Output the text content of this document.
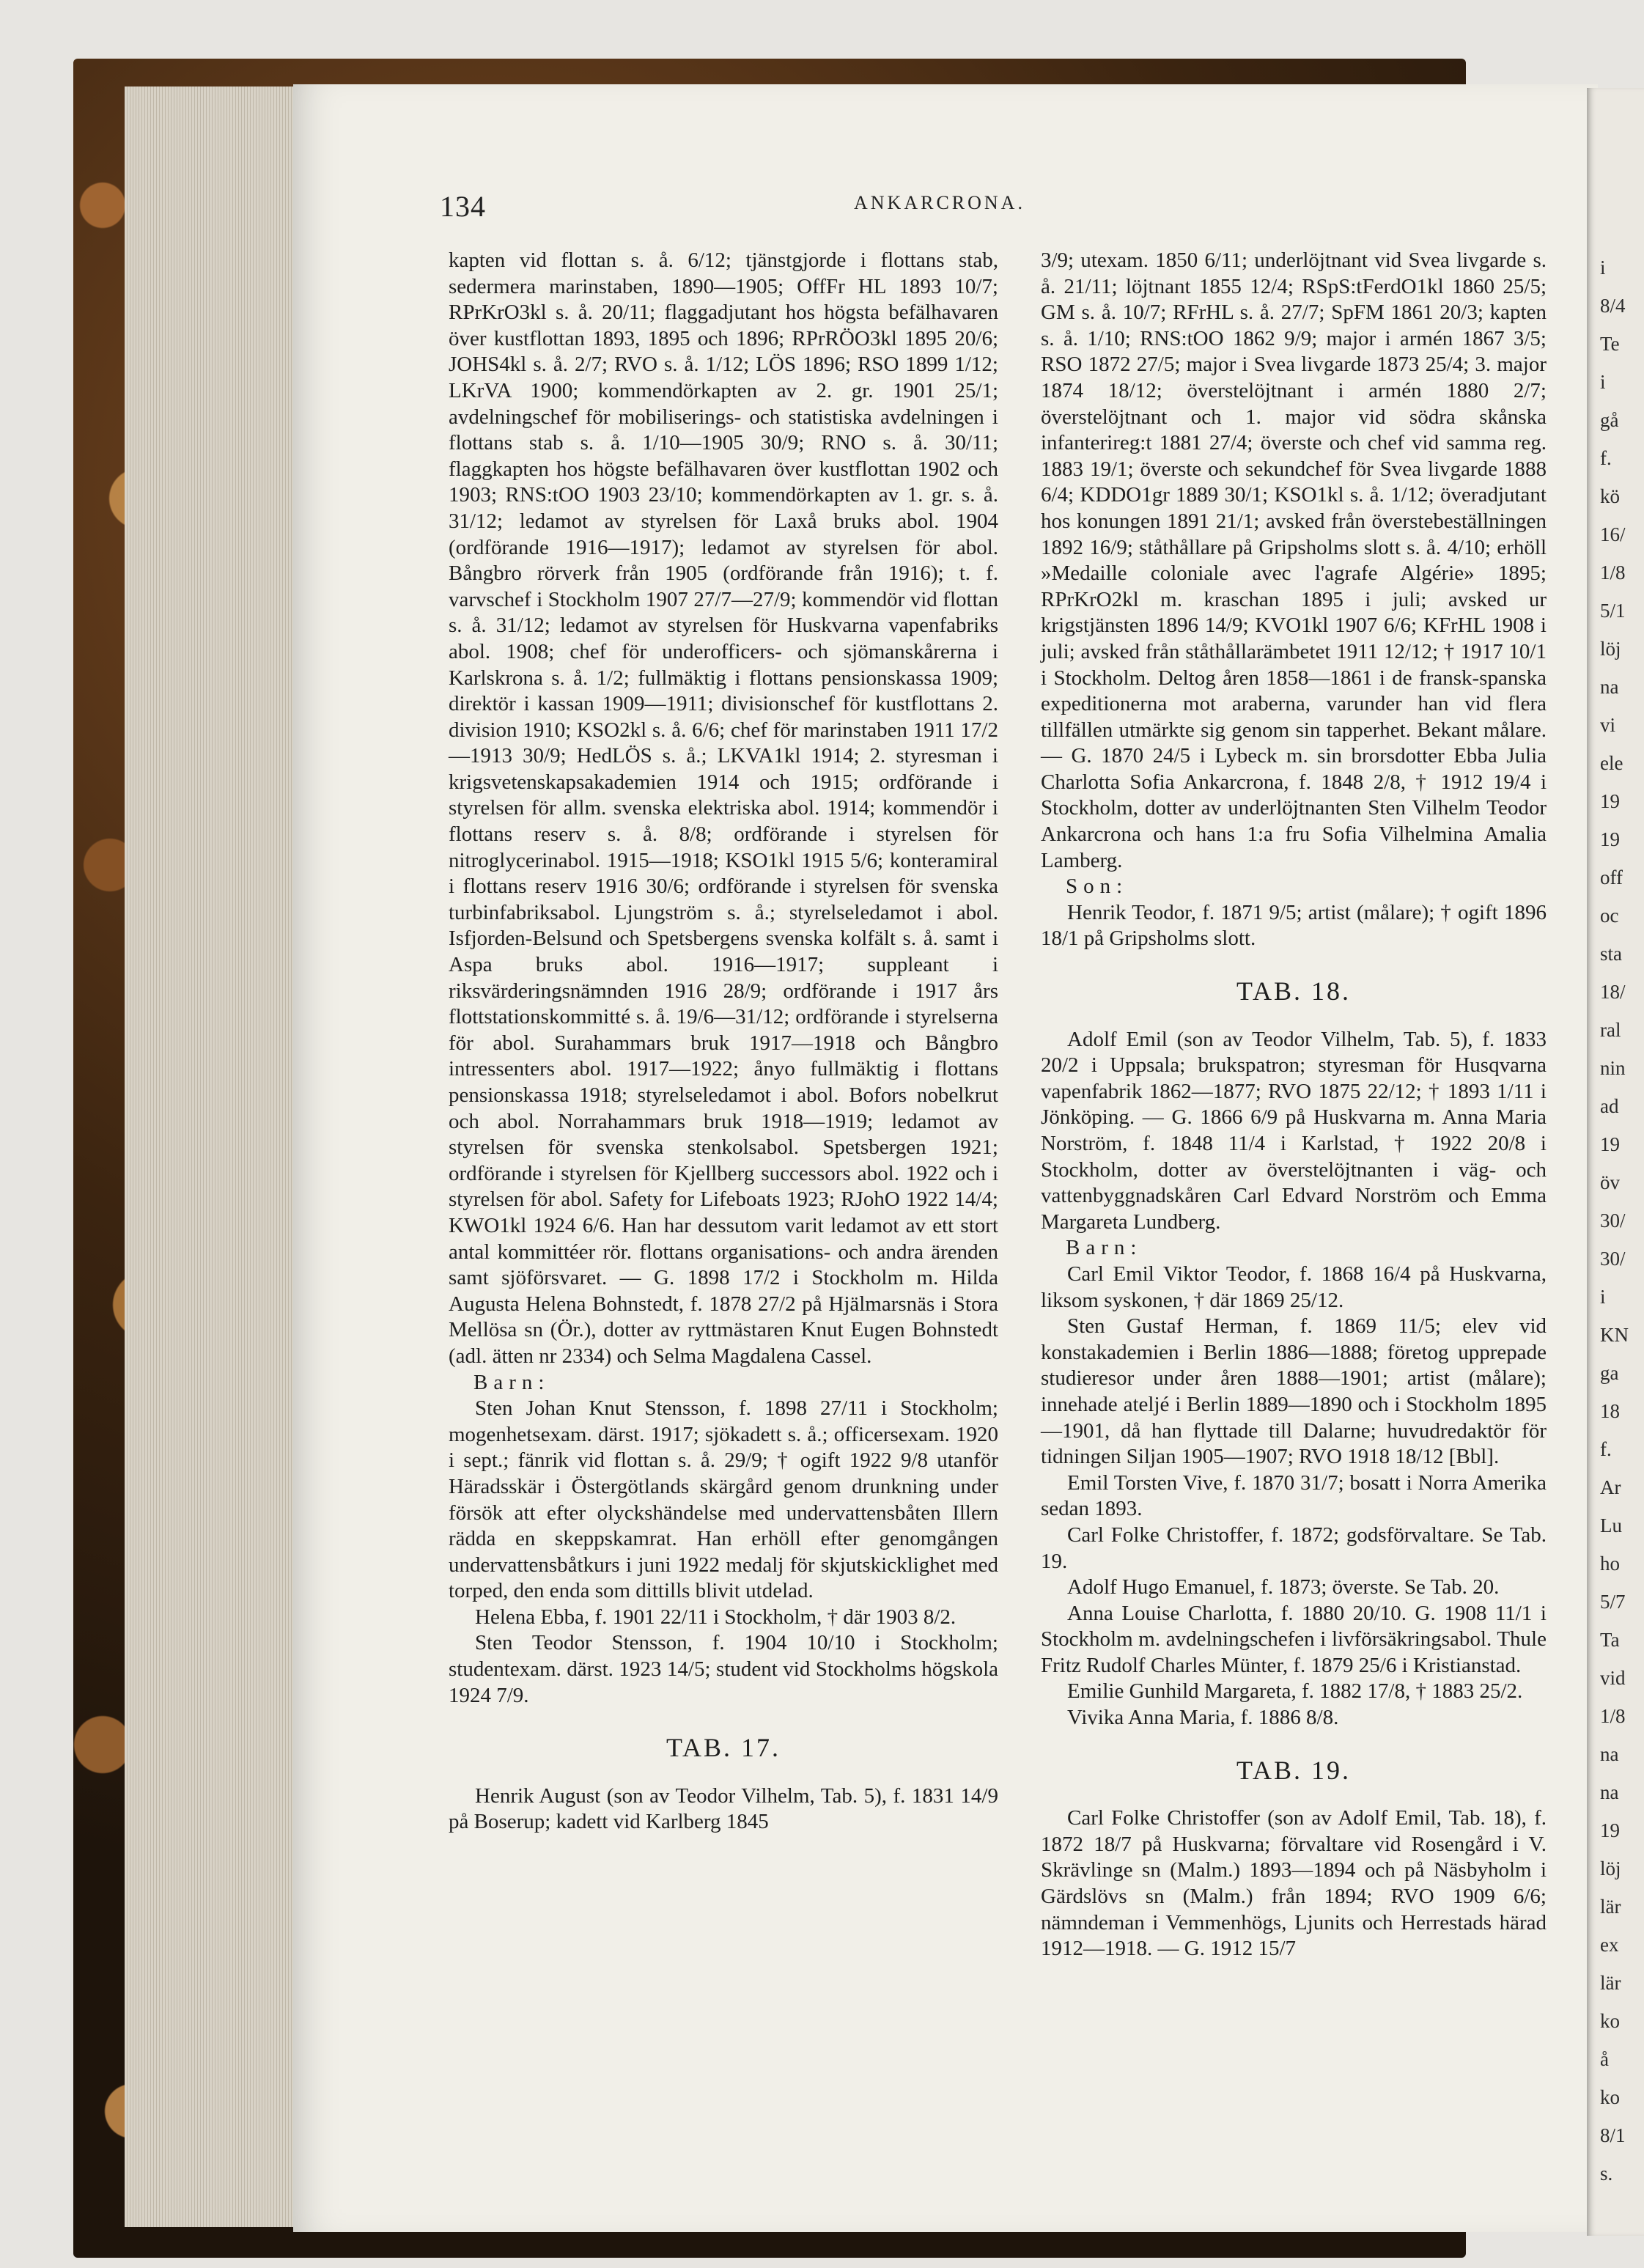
134	ANKARCRONA.

kapten vid flottan s. å. 6/12; tjänstgjorde i flottans stab, sedermera marinstaben, 1890—1905; OffFr HL 1893 10/7; RPrKrO3kl s. å. 20/11; flaggadjutant hos högsta befälhavaren över kustflottan 1893, 1895 och 1896; RPrRÖO3kl 1895 20/6; JOHS4kl s. å. 2/7; RVO s. å. 1/12; LÖS 1896; RSO 1899 1/12; LKrVA 1900; kommendörkapten av 2. gr. 1901 25/1; avdelningschef för mobiliserings- och statistiska avdelningen i flottans stab s. å. 1/10—1905 30/9; RNO s. å. 30/11; flaggkapten hos högste befälhavaren över kustflottan 1902 och 1903; RNS:tOO 1903 23/10; kommendörkapten av 1. gr. s. å. 31/12; ledamot av styrelsen för Laxå bruks abol. 1904 (ordförande 1916—1917); ledamot av styrelsen för abol. Bångbro rörverk från 1905 (ordförande från 1916); t. f. varvschef i Stockholm 1907 27/7—27/9; kommendör vid flottan s. å. 31/12; ledamot av styrelsen för Huskvarna vapenfabriks abol. 1908; chef för underofficers- och sjömanskårerna i Karlskrona s. å. 1/2; fullmäktig i flottans pensionskassa 1909; direktör i kassan 1909—1911; divisionschef för kustflottans 2. division 1910; KSO2kl s. å. 6/6; chef för marinstaben 1911 17/2—1913 30/9; HedLÖS s. å.; LKVA1kl 1914; 2. styresman i krigsvetenskapsakademien 1914 och 1915; ordförande i styrelsen för allm. svenska elektriska abol. 1914; kommendör i flottans reserv s. å. 8/8; ordförande i styrelsen för nitroglycerinabol. 1915—1918; KSO1kl 1915 5/6; konteramiral i flottans reserv 1916 30/6; ordförande i styrelsen för svenska turbinfabriksabol. Ljungström s. å.; styrelseledamot i abol. Isfjorden-Belsund och Spetsbergens svenska kolfält s. å. samt i Aspa bruks abol. 1916—1917; suppleant i riksvärderingsnämnden 1916 28/9; ordförande i 1917 års flottstationskommitté s. å. 19/6—31/12; ordförande i styrelserna för abol. Surahammars bruk 1917—1918 och Bångbro intressenters abol. 1917—1922; ånyo fullmäktig i flottans pensionskassa 1918; styrelseledamot i abol. Bofors nobelkrut och abol. Norrahammars bruk 1918—1919; ledamot av styrelsen för svenska stenkolsabol. Spetsbergen 1921; ordförande i styrelsen för Kjellberg successors abol. 1922 och i styrelsen för abol. Safety for Lifeboats 1923; RJohO 1922 14/4; KWO1kl 1924 6/6. Han har dessutom varit ledamot av ett stort antal kommittéer rör. flottans organisations- och andra ärenden samt sjöförsvaret. — G. 1898 17/2 i Stockholm m. Hilda Augusta Helena Bohnstedt, f. 1878 27/2 på Hjälmarsnäs i Stora Mellösa sn (Ör.), dotter av ryttmästaren Knut Eugen Bohnstedt (adl. ätten nr 2334) och Selma Magdalena Cassel.

Barn:

Sten Johan Knut Stensson, f. 1898 27/11 i Stockholm; mogenhetsexam. därst. 1917; sjökadett s. å.; officersexam. 1920 i sept.; fänrik vid flottan s. å. 29/9; † ogift 1922 9/8 utanför Häradsskär i Östergötlands skärgård genom drunkning under försök att efter olyckshändelse med undervattensbåten Illern rädda en skeppskamrat. Han erhöll efter genomgången undervattensbåtkurs i juni 1922 medalj för skjutskicklighet med torped, den enda som dittills blivit utdelad.

Helena Ebba, f. 1901 22/11 i Stockholm, † där 1903 8/2.

Sten Teodor Stensson, f. 1904 10/10 i Stockholm; studentexam. därst. 1923 14/5; student vid Stockholms högskola 1924 7/9.

TAB. 17.

Henrik August (son av Teodor Vilhelm, Tab. 5), f. 1831 14/9 på Boserup; kadett vid Karlberg 1845

3/9; utexam. 1850 6/11; underlöjtnant vid Svea livgarde s. å. 21/11; löjtnant 1855 12/4; RSpS:tFerdO1kl 1860 25/5; GM s. å. 10/7; RFrHL s. å. 27/7; SpFM 1861 20/3; kapten s. å. 1/10; RNS:tOO 1862 9/9; major i armén 1867 3/5; RSO 1872 27/5; major i Svea livgarde 1873 25/4; 3. major 1874 18/12; överstelöjtnant i armén 1880 2/7; överstelöjtnant och 1. major vid södra skånska infanterireg:t 1881 27/4; överste och chef vid samma reg. 1883 19/1; överste och sekundchef för Svea livgarde 1888 6/4; KDDO1gr 1889 30/1; KSO1kl s. å. 1/12; överadjutant hos konungen 1891 21/1; avsked från överstebeställningen 1892 16/9; ståthållare på Gripsholms slott s. å. 4/10; erhöll »Medaille coloniale avec l'agrafe Algérie» 1895; RPrKrO2kl m. kraschan 1895 i juli; avsked ur krigstjänsten 1896 14/9; KVO1kl 1907 6/6; KFrHL 1908 i juli; avsked från ståthållarämbetet 1911 12/12; † 1917 10/1 i Stockholm. Deltog åren 1858—1861 i de fransk-spanska expeditionerna mot araberna, varunder han vid flera tillfällen utmärkte sig genom sin tapperhet. Bekant målare. — G. 1870 24/5 i Lybeck m. sin brorsdotter Ebba Julia Charlotta Sofia Ankarcrona, f. 1848 2/8, † 1912 19/4 i Stockholm, dotter av underlöjtnanten Sten Vilhelm Teodor Ankarcrona och hans 1:a fru Sofia Vilhelmina Amalia Lamberg.

Son:

Henrik Teodor, f. 1871 9/5; artist (målare); † ogift 1896 18/1 på Gripsholms slott.

TAB. 18.

Adolf Emil (son av Teodor Vilhelm, Tab. 5), f. 1833 20/2 i Uppsala; brukspatron; styresman för Husqvarna vapenfabrik 1862—1877; RVO 1875 22/12; † 1893 1/11 i Jönköping. — G. 1866 6/9 på Huskvarna m. Anna Maria Norström, f. 1848 11/4 i Karlstad, † 1922 20/8 i Stockholm, dotter av överstelöjtnanten i väg- och vattenbyggnadskåren Carl Edvard Norström och Emma Margareta Lundberg.

Barn:

Carl Emil Viktor Teodor, f. 1868 16/4 på Huskvarna, liksom syskonen, † där 1869 25/12.

Sten Gustaf Herman, f. 1869 11/5; elev vid konstakademien i Berlin 1886—1888; företog upprepade studieresor under åren 1888—1901; artist (målare); innehade ateljé i Berlin 1889—1890 och i Stockholm 1895—1901, då han flyttade till Dalarne; huvudredaktör för tidningen Siljan 1905—1907; RVO 1918 18/12 [Bbl].

Emil Torsten Vive, f. 1870 31/7; bosatt i Norra Amerika sedan 1893.

Carl Folke Christoffer, f. 1872; godsförvaltare. Se Tab. 19.

Adolf Hugo Emanuel, f. 1873; överste. Se Tab. 20.

Anna Louise Charlotta, f. 1880 20/10. G. 1908 11/1 i Stockholm m. avdelningschefen i livförsäkringsabol. Thule Fritz Rudolf Charles Münter, f. 1879 25/6 i Kristianstad.

Emilie Gunhild Margareta, f. 1882 17/8, † 1883 25/2.

Vivika Anna Maria, f. 1886 8/8.

TAB. 19.

Carl Folke Christoffer (son av Adolf Emil, Tab. 18), f. 1872 18/7 på Huskvarna; förvaltare vid Rosengård i V. Skrävlinge sn (Malm.) 1893—1894 och på Näsbyholm i Gärdslövs sn (Malm.) från 1894; RVO 1909 6/6; nämndeman i Vemmenhögs, Ljunits och Herrestads härad 1912—1918. — G. 1912 15/7

i
8/4
Te
i
gå
f.
kö
16/
1/8
5/1
löj
na
vi
ele
19
19
off
oc
sta
18/
ral
nin
ad
19
öv
30/
30/
i
KN
ga
18
f.
Ar
Lu
ho
5/7
Ta
vid
1/8
na
na
19
löj
lär
ex
lär
ko
å
ko
8/1
s.
